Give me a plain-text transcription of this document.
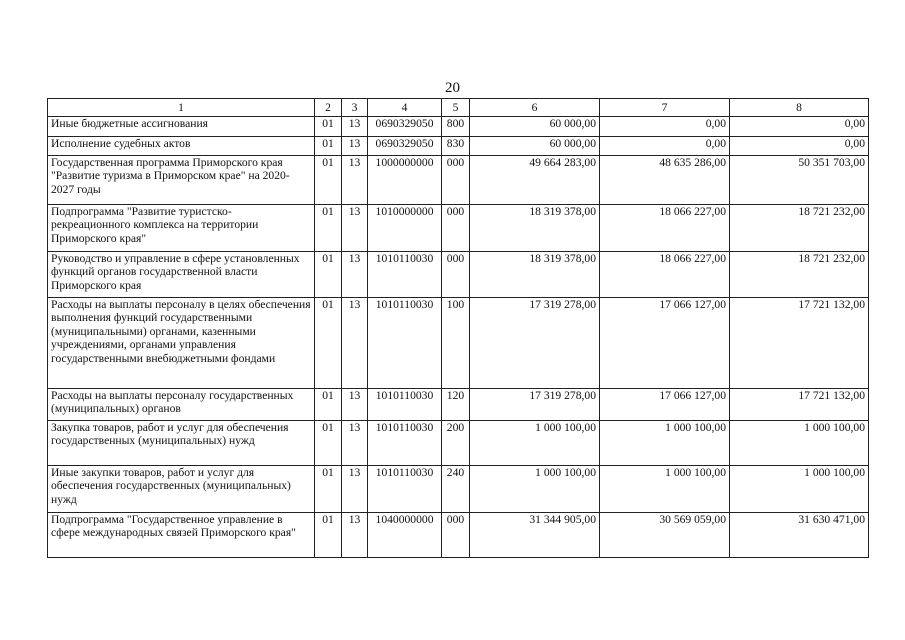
20
1	2	3	4	5	6	7	8
Иные бюджетные ассигнования	01	13	0690329050	800	60 000,00	0,00	0,00
Исполнение судебных актов	01	13	0690329050	830	60 000,00	0,00	0,00
Государственная программа Приморского края "Развитие туризма в Приморском крае" на 2020-2027 годы	01	13	1000000000	000	49 664 283,00	48 635 286,00	50 351 703,00
Подпрограмма "Развитие туристско-рекреационного комплекса на территории Приморского края"	01	13	1010000000	000	18 319 378,00	18 066 227,00	18 721 232,00
Руководство и управление в сфере установленных функций органов государственной власти Приморского края	01	13	1010110030	000	18 319 378,00	18 066 227,00	18 721 232,00
Расходы на выплаты персоналу в целях обеспечения выполнения функций государственными (муниципальными) органами, казенными учреждениями, органами управления государственными внебюджетными фондами	01	13	1010110030	100	17 319 278,00	17 066 127,00	17 721 132,00
Расходы на выплаты персоналу государственных (муниципальных) органов	01	13	1010110030	120	17 319 278,00	17 066 127,00	17 721 132,00
Закупка товаров, работ и услуг для обеспечения государственных (муниципальных) нужд	01	13	1010110030	200	1 000 100,00	1 000 100,00	1 000 100,00
Иные закупки товаров, работ и услуг для обеспечения государственных (муниципальных) нужд	01	13	1010110030	240	1 000 100,00	1 000 100,00	1 000 100,00
Подпрограмма "Государственное управление в сфере международных связей Приморского края"	01	13	1040000000	000	31 344 905,00	30 569 059,00	31 630 471,00
